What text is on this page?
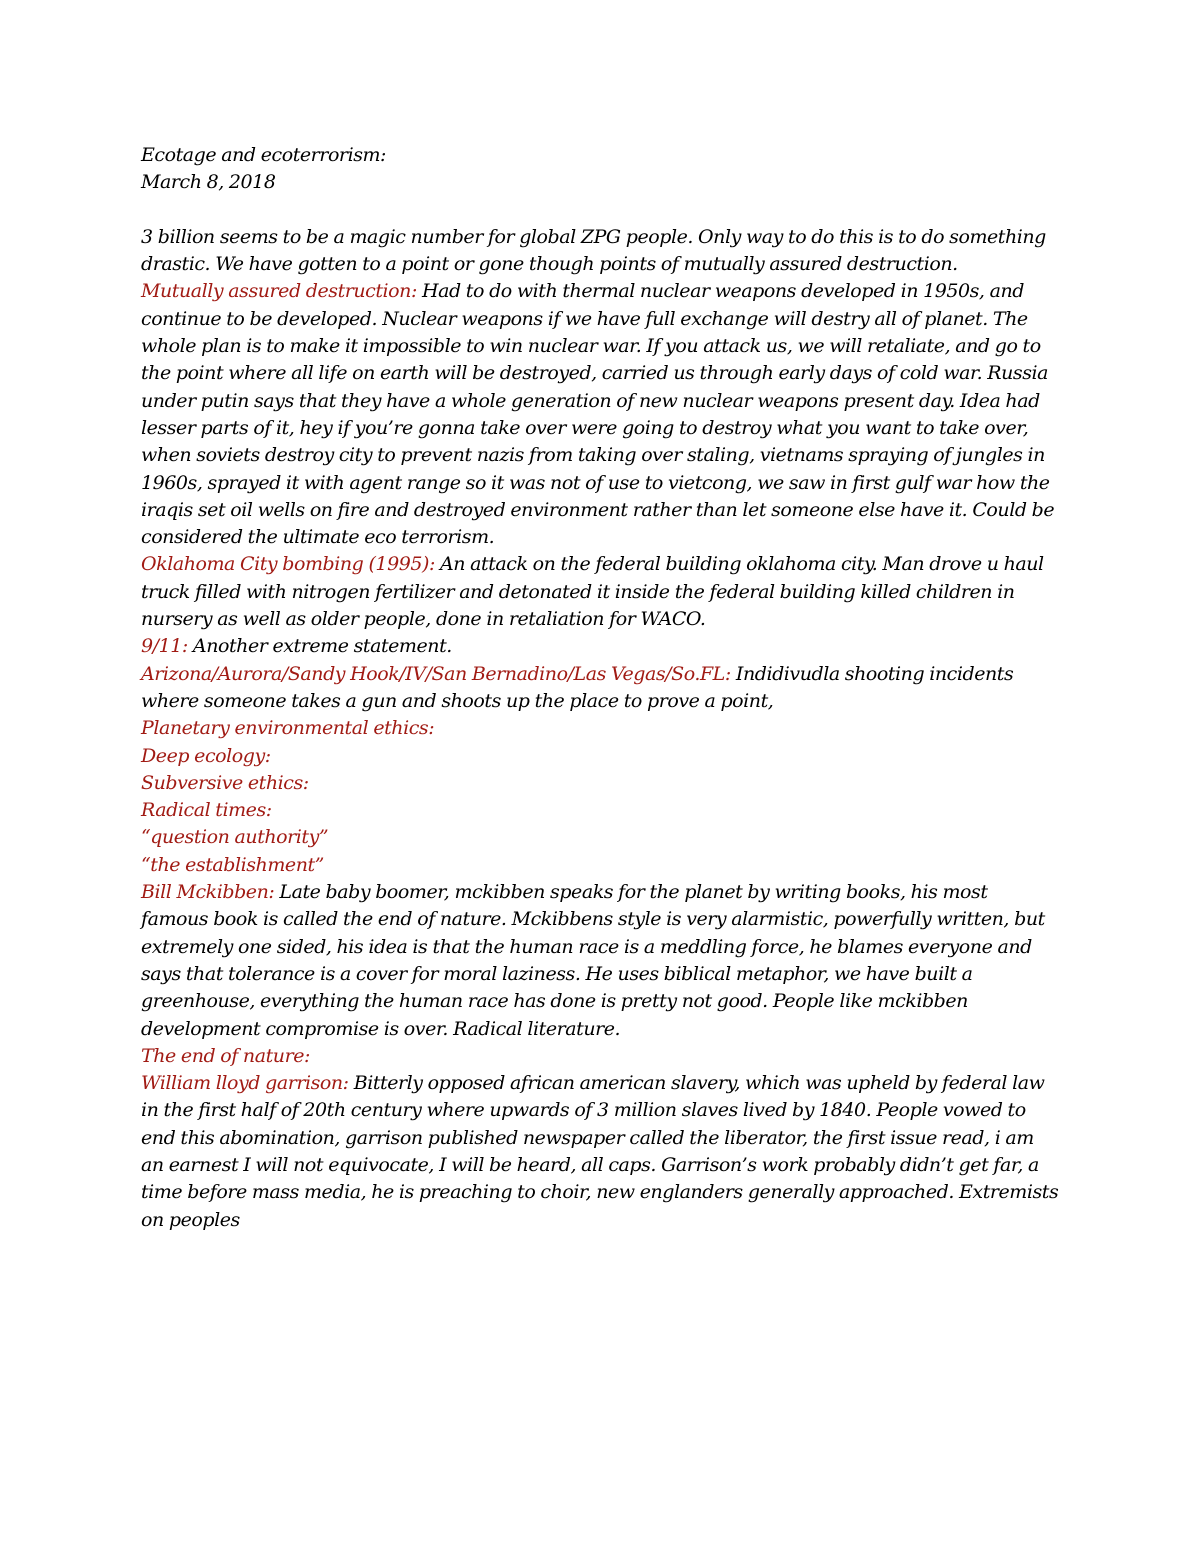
Ecotage and ecoterrorism:
March 8, 2018

3 billion seems to be a magic number for global ZPG people. Only way to do this is to do something drastic. We have gotten to a point or gone though points of mutually assured destruction.

Mutually assured destruction: Had to do with thermal nuclear weapons developed in 1950s, and continue to be developed. Nuclear weapons if we have full exchange will destry all of planet. The whole plan is to make it impossible to win nuclear war. If you attack us, we will retaliate, and go to the point where all life on earth will be destroyed, carried us through early days of cold war. Russia under putin says that they have a whole generation of new nuclear weapons present day. Idea had lesser parts of it, hey if you’re gonna take over were going to destroy what you want to take over, when soviets destroy city to prevent nazis from taking over staling, vietnams spraying of jungles in 1960s, sprayed it with agent range so it was not of use to vietcong, we saw in first gulf war how the iraqis set oil wells on fire and destroyed environment rather than let someone else have it. Could be considered the ultimate eco terrorism.

Oklahoma City bombing (1995): An attack on the federal building oklahoma city. Man drove u haul truck filled with nitrogen fertilizer and detonated it inside the federal building killed children in nursery as well as older people, done in retaliation for WACO.

9/11: Another extreme statement.

Arizona/Aurora/Sandy Hook/IV/San Bernadino/Las Vegas/So.FL: Indidivudla shooting incidents where someone takes a gun and shoots up the place to prove a point,

Planetary environmental ethics:

Deep ecology:

Subversive ethics:

Radical times:

“question authority”

“the establishment”

Bill Mckibben: Late baby boomer, mckibben speaks for the planet by writing books, his most famous book is called the end of nature. Mckibbens style is very alarmistic, powerfully written, but extremely one sided, his idea is that the human race is a meddling force, he blames everyone and says that tolerance is a cover for moral laziness. He uses biblical metaphor, we have built a greenhouse, everything the human race has done is pretty not good. People like mckibben development compromise is over. Radical literature.

The end of nature:

William lloyd garrison: Bitterly opposed african american slavery, which was upheld by federal law in the first half of 20th century where upwards of 3 million slaves lived by 1840. People vowed to end this abomination, garrison published newspaper called the liberator, the first issue read, i am an earnest I will not equivocate, I will be heard, all caps. Garrison’s work probably didn’t get far, a time before mass media, he is preaching to choir, new englanders generally approached. Extremists on peoples
